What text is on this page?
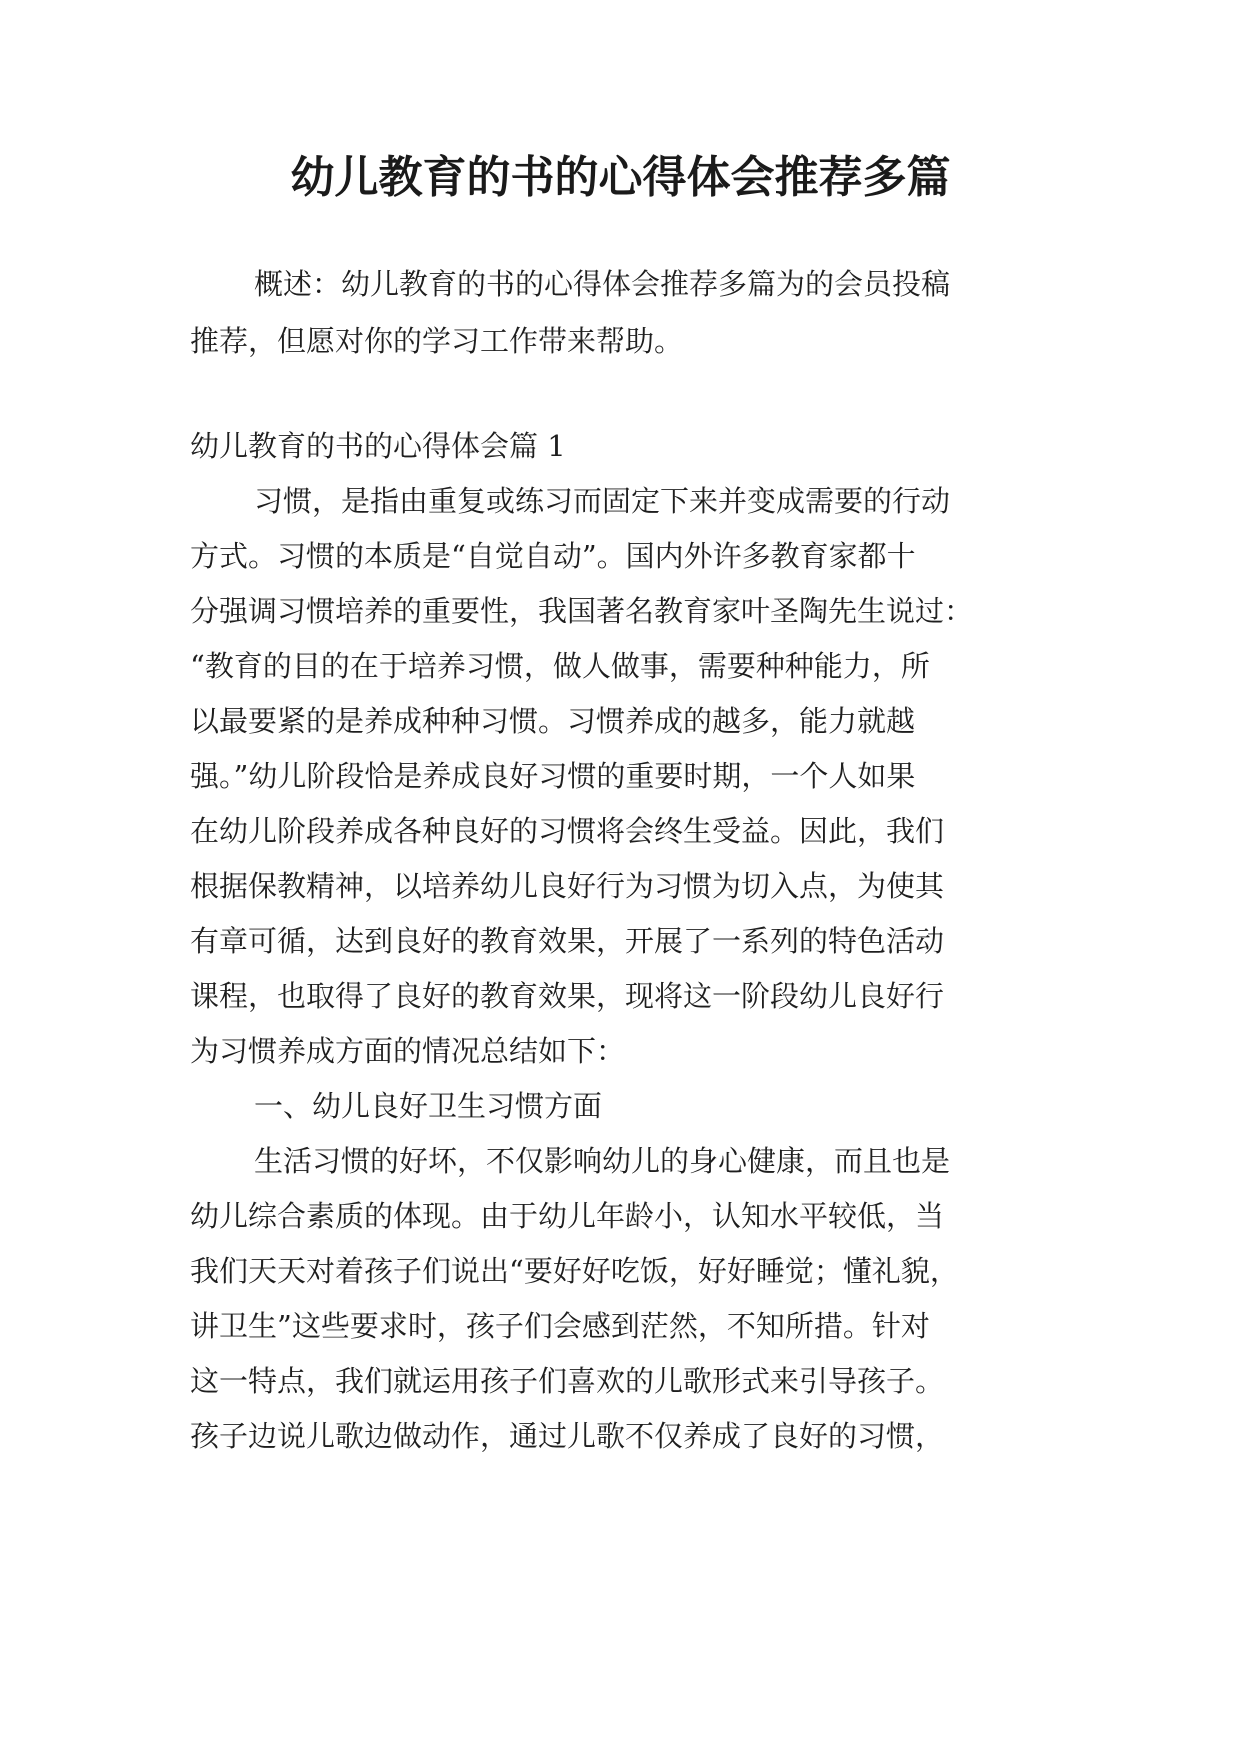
幼儿教育的书的心得体会推荐多篇
概述：幼儿教育的书的心得体会推荐多篇为的会员投稿
推荐，但愿对你的学习工作带来帮助。
幼儿教育的书的心得体会篇 1
习惯，是指由重复或练习而固定下来并变成需要的行动
方式。习惯的本质是“自觉自动”。国内外许多教育家都十
分强调习惯培养的重要性，我国著名教育家叶圣陶先生说过：
“教育的目的在于培养习惯，做人做事，需要种种能力，所
以最要紧的是养成种种习惯。习惯养成的越多，能力就越
强。”幼儿阶段恰是养成良好习惯的重要时期，一个人如果
在幼儿阶段养成各种良好的习惯将会终生受益。因此，我们
根据保教精神，以培养幼儿良好行为习惯为切入点，为使其
有章可循，达到良好的教育效果，开展了一系列的特色活动
课程，也取得了良好的教育效果，现将这一阶段幼儿良好行
为习惯养成方面的情况总结如下：
一、幼儿良好卫生习惯方面
生活习惯的好坏，不仅影响幼儿的身心健康，而且也是
幼儿综合素质的体现。由于幼儿年龄小，认知水平较低，当
我们天天对着孩子们说出“要好好吃饭，好好睡觉；懂礼貌，
讲卫生”这些要求时，孩子们会感到茫然，不知所措。针对
这一特点，我们就运用孩子们喜欢的儿歌形式来引导孩子。
孩子边说儿歌边做动作，通过儿歌不仅养成了良好的习惯，
